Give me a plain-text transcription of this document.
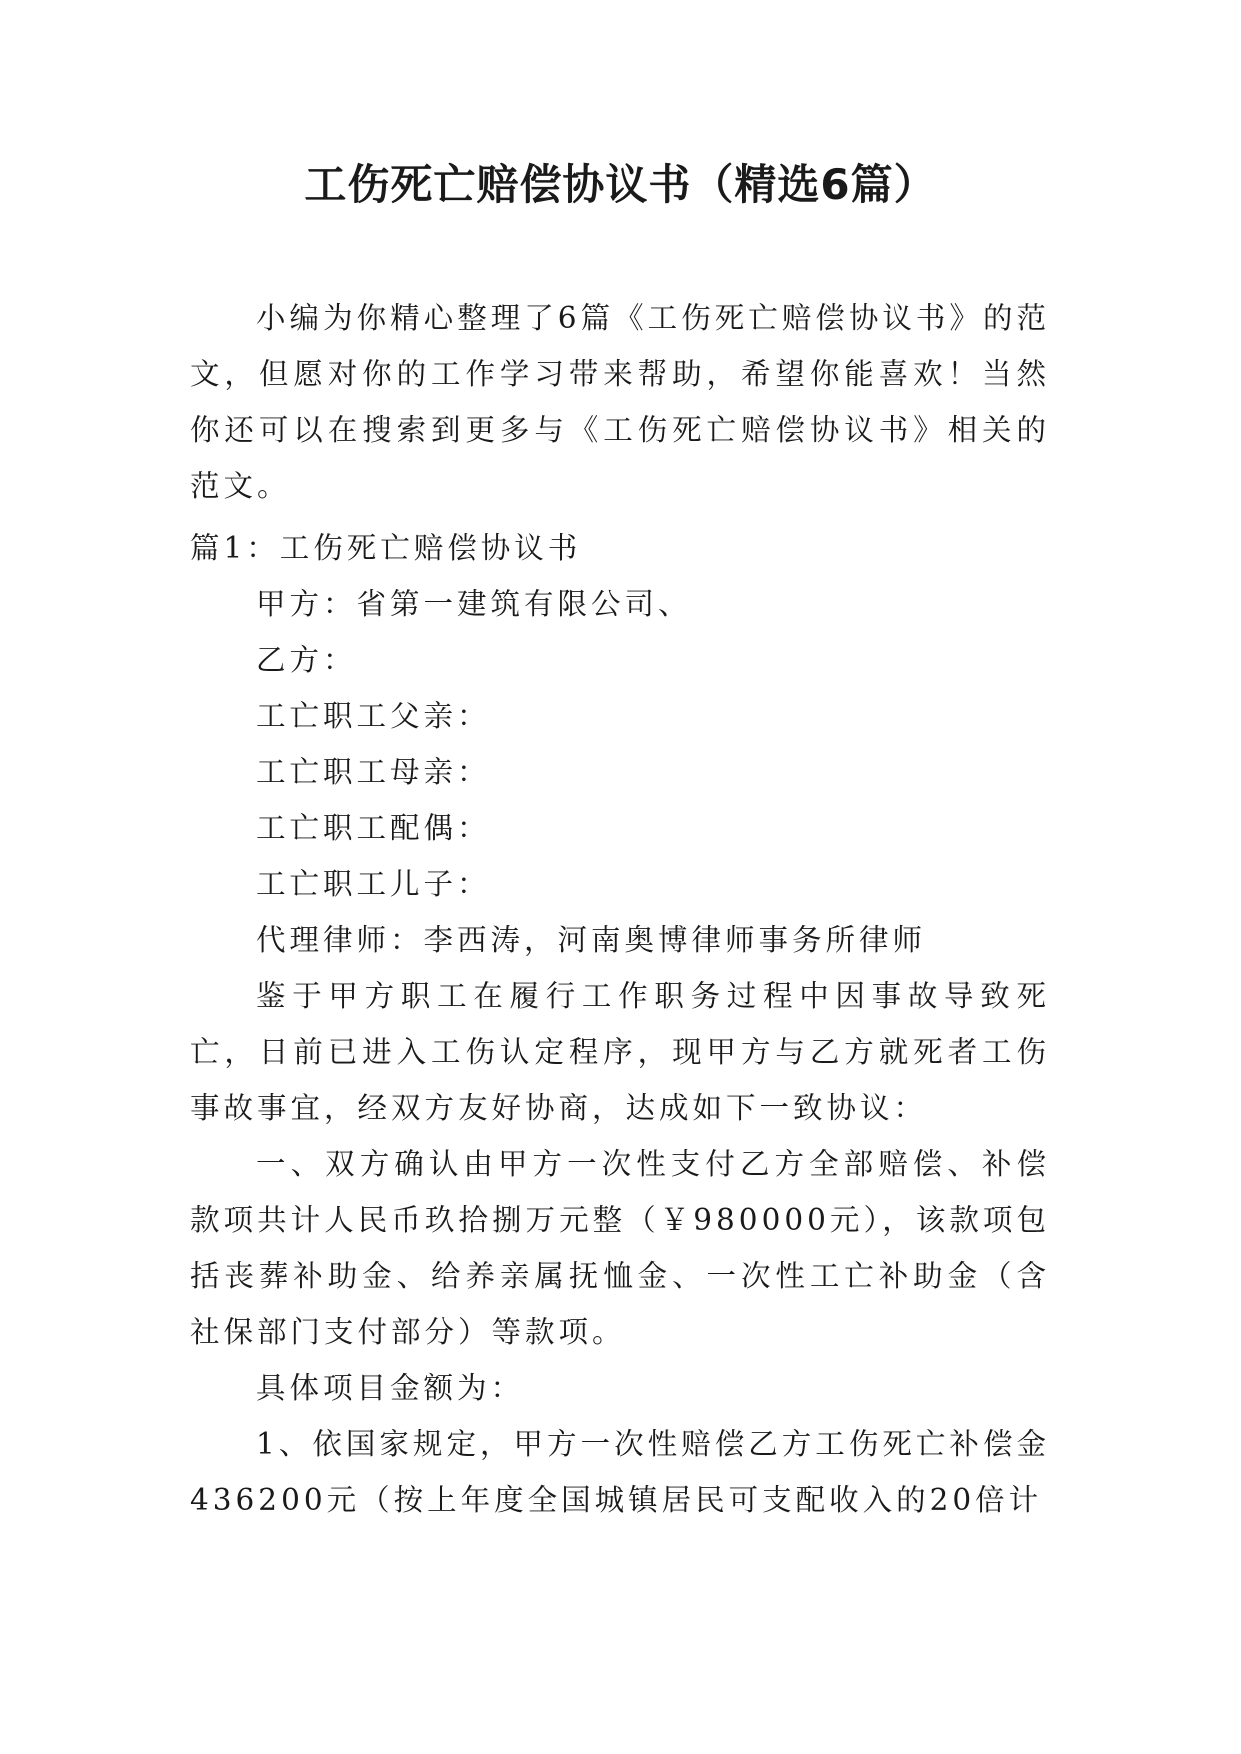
工伤死亡赔偿协议书（精选6篇）

小编为你精心整理了6篇《工伤死亡赔偿协议书》的范文，但愿对你的工作学习带来帮助，希望你能喜欢！当然你还可以在搜索到更多与《工伤死亡赔偿协议书》相关的范文。

篇1：工伤死亡赔偿协议书

甲方：省第一建筑有限公司、

乙方：

工亡职工父亲：

工亡职工母亲：

工亡职工配偶：

工亡职工儿子：

代理律师：李西涛，河南奥博律师事务所律师

鉴于甲方职工在履行工作职务过程中因事故导致死亡，日前已进入工伤认定程序，现甲方与乙方就死者工伤事故事宜，经双方友好协商，达成如下一致协议：

一、双方确认由甲方一次性支付乙方全部赔偿、补偿款项共计人民币玖拾捌万元整（￥980000元），该款项包括丧葬补助金、给养亲属抚恤金、一次性工亡补助金（含社保部门支付部分）等款项。

具体项目金额为：

1、依国家规定，甲方一次性赔偿乙方工伤死亡补偿金436200元（按上年度全国城镇居民可支配收入的20倍计
